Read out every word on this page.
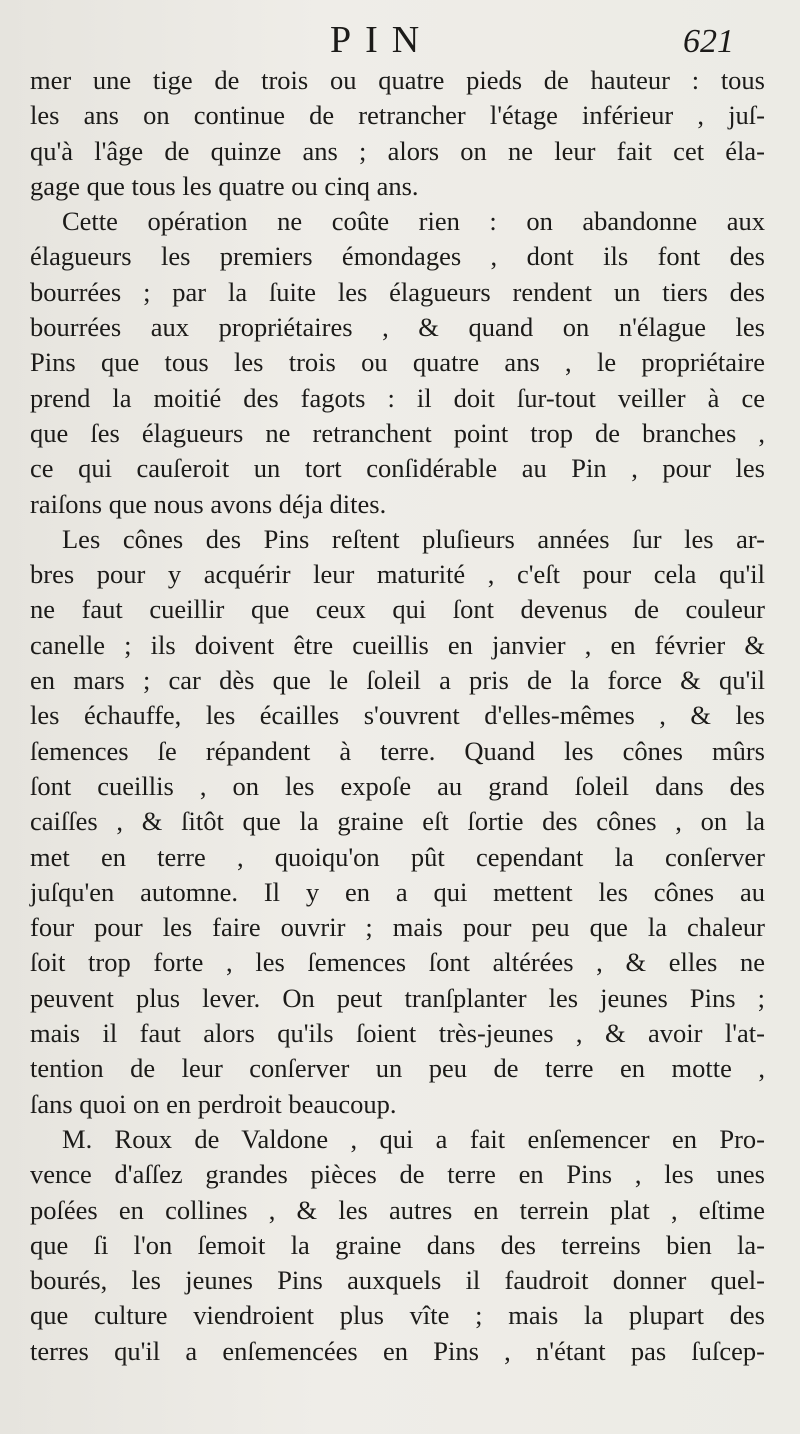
PIN	621
mer une tige de trois ou quatre pieds de hauteur : tous
les ans on continue de retrancher l'étage inférieur , juſ-
qu'à l'âge de quinze ans ; alors on ne leur fait cet éla-
gage que tous les quatre ou cinq ans.
Cette opération ne coûte rien : on abandonne aux
élagueurs les premiers émondages , dont ils font des
bourrées ; par la ſuite les élagueurs rendent un tiers des
bourrées aux propriétaires , & quand on n'élague les
Pins que tous les trois ou quatre ans , le propriétaire
prend la moitié des fagots : il doit ſur-tout veiller à ce
que ſes élagueurs ne retranchent point trop de branches ,
ce qui cauſeroit un tort conſidérable au Pin , pour les
raiſons que nous avons déja dites.
Les cônes des Pins reſtent pluſieurs années ſur les ar-
bres pour y acquérir leur maturité , c'eſt pour cela qu'il
ne faut cueillir que ceux qui ſont devenus de couleur
canelle ; ils doivent être cueillis en janvier , en février &
en mars ; car dès que le ſoleil a pris de la force & qu'il
les échauffe, les écailles s'ouvrent d'elles-mêmes , & les
ſemences ſe répandent à terre. Quand les cônes mûrs
ſont cueillis , on les expoſe au grand ſoleil dans des
caiſſes , & ſitôt que la graine eſt ſortie des cônes , on la
met en terre , quoiqu'on pût cependant la conſerver
juſqu'en automne. Il y en a qui mettent les cônes au
four pour les faire ouvrir ; mais pour peu que la chaleur
ſoit trop forte , les ſemences ſont altérées , & elles ne
peuvent plus lever. On peut tranſplanter les jeunes Pins ;
mais il faut alors qu'ils ſoient très-jeunes , & avoir l'at-
tention de leur conſerver un peu de terre en motte ,
ſans quoi on en perdroit beaucoup.
M. Roux de Valdone , qui a fait enſemencer en Pro-
vence d'aſſez grandes pièces de terre en Pins , les unes
poſées en collines , & les autres en terrein plat , eſtime
que ſi l'on ſemoit la graine dans des terreins bien la-
bourés, les jeunes Pins auxquels il faudroit donner quel-
que culture viendroient plus vîte ; mais la plupart des
terres qu'il a enſemencées en Pins , n'étant pas ſuſcep-
